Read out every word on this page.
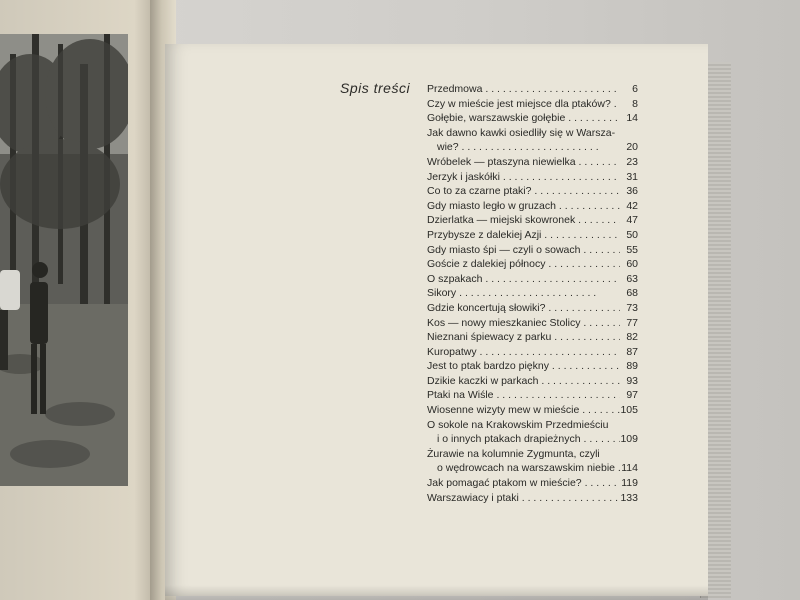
Spis treści Przedmowa . . .	6
Czy w mieście jest miejsce dla ptaków? . . .	8
Gołębie, warszawskie gołębie . . .	14
Jak dawno kawki osiedliły się w Warsza-
wie? . . .	20
Wróbelek — ptaszyna niewielka . . .	23
Jerzyk i jaskółki . . .	31
Co to za czarne ptaki? . . .	36
Gdy miasto legło w gruzach . . .	42
Dzierlatka — miejski skowronek . . .	47
Przybysze z dalekiej Azji . . .	50
Gdy miasto śpi — czyli o sowach . . .	55
Goście z dalekiej północy . . .	60
O szpakach . . .	63
Sikory . . .	68
Gdzie koncertują słowiki? . . .	73
Kos — nowy mieszkaniec Stolicy . . .	77
Nieznani śpiewacy z parku . . .	82
Kuropatwy . . .	87
Jest to ptak bardzo piękny . . .	89
Dzikie kaczki w parkach . . .	93
Ptaki na Wiśle . . .	97
Wiosenne wizyty mew w mieście . . .	105
O sokole na Krakowskim Przedmieściu
i o innych ptakach drapieżnych . . .	109
Żurawie na kolumnie Zygmunta, czyli
o wędrowcach na warszawskim niebie . . . 114
Jak pomagać ptakom w mieście? . . .	119
Warszawiacy i ptaki . . .	133
